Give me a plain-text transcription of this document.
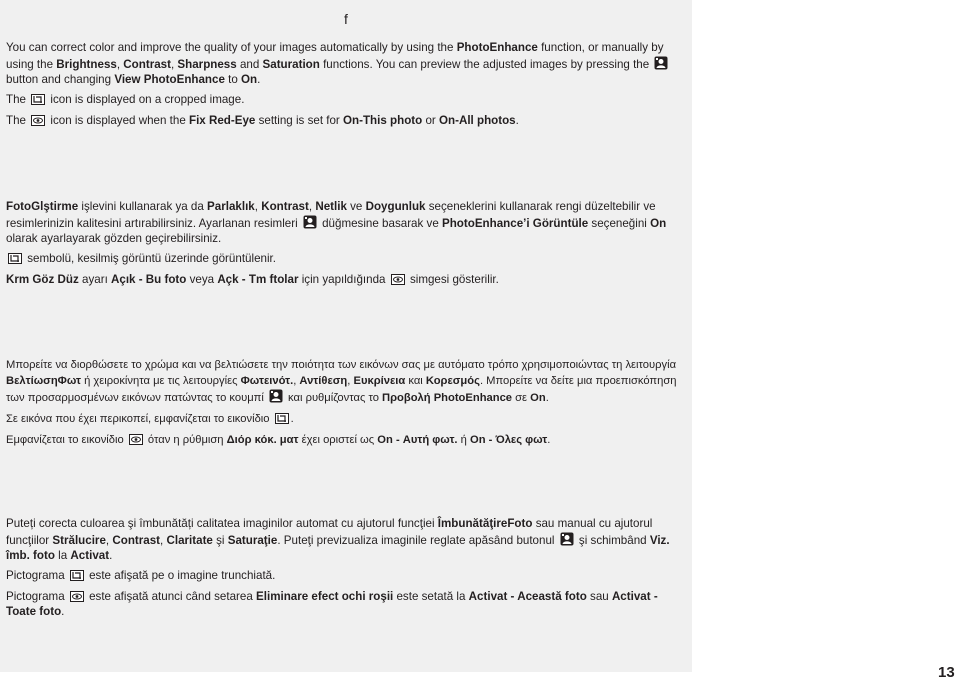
f

You can correct color and improve the quality of your images automatically by using the PhotoEnhance function, or manually by using the Brightness, Contrast, Sharpness and Saturation functions. You can preview the adjusted images by pressing the  button and changing View PhotoEnhance to On.

The  icon is displayed on a cropped image.

The  icon is displayed when the Fix Red-Eye setting is set for On-This photo or On-All photos.

FotoGlştirme işlevini kullanarak ya da Parlaklık, Kontrast, Netlik ve Doygunluk seçeneklerini kullanarak rengi düzeltebilir ve resimlerinizin kalitesini artırabilirsiniz. Ayarlanan resimleri  düğmesine basarak ve PhotoEnhance’i Görüntüle seçeneğini On olarak ayarlayarak gözden geçirebilirsiniz.

sembolü, kesilmiş görüntü üzerinde görüntülenir.

Krm Göz Düz ayarı Açık - Bu foto veya Açk - Tm ftolar için yapıldığında  simgesi gösterilir.

Μπορείτε να διορθώσετε το χρώμα και να βελτιώσετε την ποιότητα των εικόνων σας με αυτόματο τρόπο χρησιμοποιώντας τη λειτουργία ΒελτίωσηΦωτ ή χειροκίνητα με τις λειτουργίες Φωτεινότ., Αντίθεση, Ευκρίνεια και Κορεσμός. Μπορείτε να δείτε μια προεπισκόπηση των προσαρμοσμένων εικόνων πατώντας το κουμπί  και ρυθμίζοντας το Προβολή PhotoEnhance σε On.

Σε εικόνα που έχει περικοπεί, εμφανίζεται το εικονίδιο .

Εμφανίζεται το εικονίδιο  όταν η ρύθμιση Διόρ κόκ. ματ έχει οριστεί ως On - Αυτή φωτ. ή On - Όλες φωτ.

Puteți corecta culoarea şi îmbunătăți calitatea imaginilor automat cu ajutorul funcţiei ÎmbunătăţireFoto sau manual cu ajutorul funcţiilor Strălucire, Contrast, Claritate şi Saturaţie. Puteţi previzualiza imaginile reglate apăsând butonul  şi schimbând Viz. îmb. foto la Activat.

Pictograma  este afişată pe o imagine trunchiată.

Pictograma  este afişată atunci când setarea Eliminare efect ochi roşii este setată la Activat - Această foto sau Activat - Toate foto.

13
